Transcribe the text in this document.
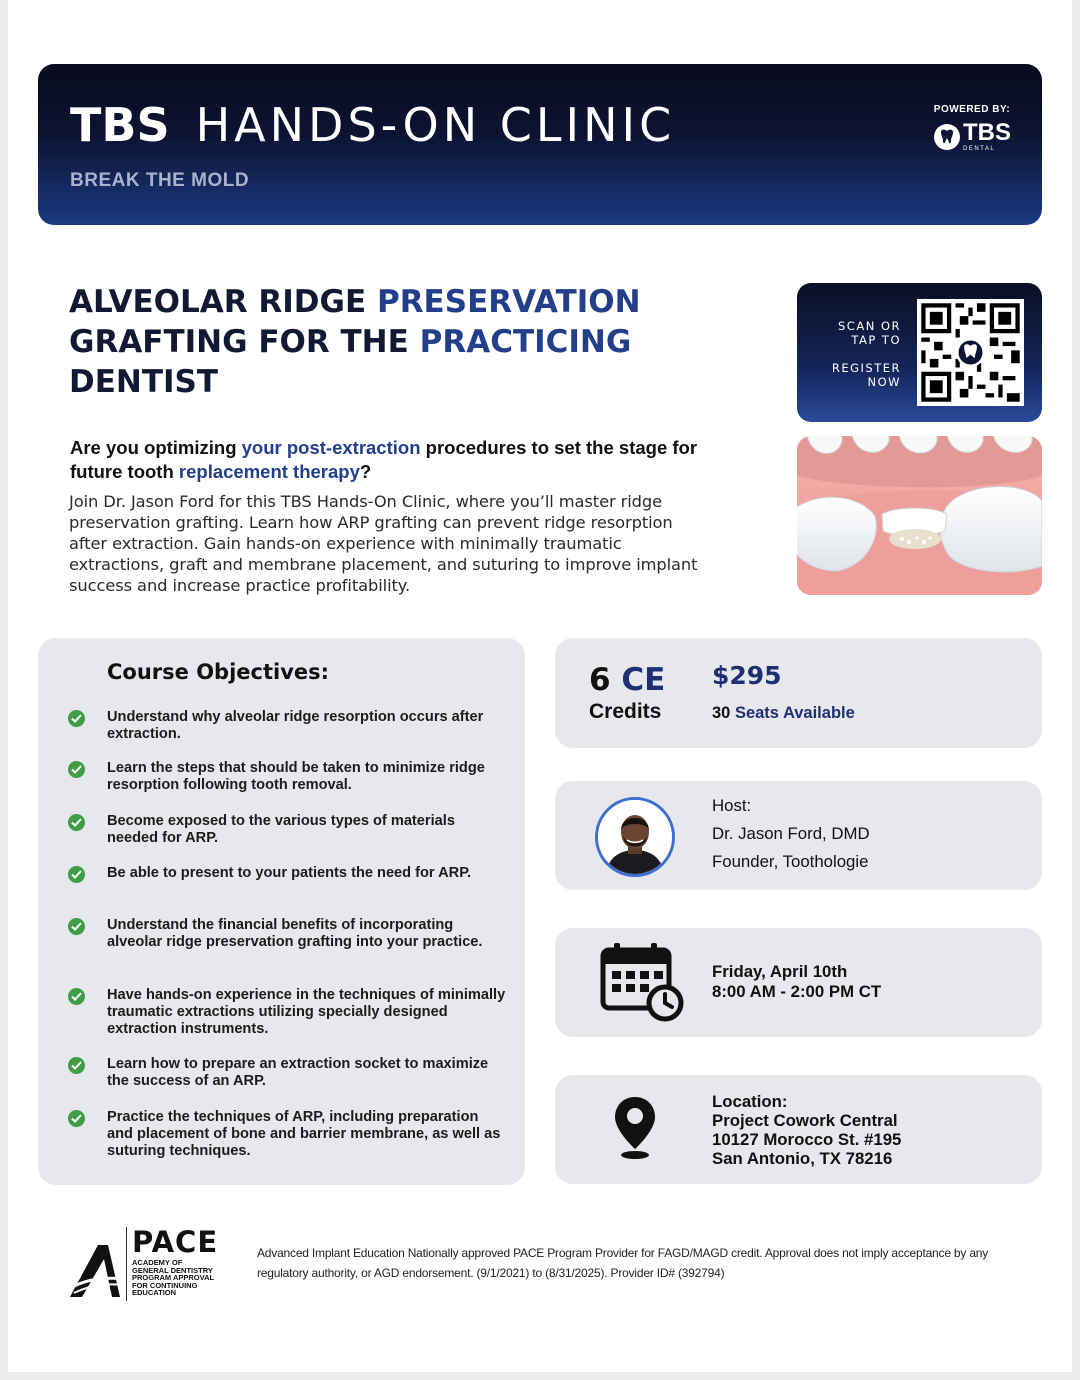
TBS HANDS-ON CLINIC
BREAK THE MOLD
POWERED BY:
TBS
DENTAL
ALVEOLAR RIDGE PRESERVATION GRAFTING FOR THE PRACTICING DENTIST
SCAN OR
TAP TO
REGISTER
NOW
Are you optimizing your post-extraction procedures to set the stage for future tooth replacement therapy?
Join Dr. Jason Ford for this TBS Hands-On Clinic, where you’ll master ridge preservation grafting. Learn how ARP grafting can prevent ridge resorption after extraction. Gain hands-on experience with minimally traumatic extractions, graft and membrane placement, and suturing to improve implant success and increase practice profitability.
Course Objectives:
Understand why alveolar ridge resorption occurs after extraction.
Learn the steps that should be taken to minimize ridge resorption following tooth removal.
Become exposed to the various types of materials needed for ARP.
Be able to present to your patients the need for ARP.
Understand the financial benefits of incorporating alveolar ridge preservation grafting into your practice.
Have hands-on experience in the techniques of minimally traumatic extractions utilizing specially designed extraction instruments.
Learn how to prepare an extraction socket to maximize the success of an ARP.
Practice the techniques of ARP, including preparation and placement of bone and barrier membrane, as well as suturing techniques.
6 CE
Credits
$295
30 Seats Available
Host:
Dr. Jason Ford, DMD
Founder, Toothologie
Friday, April 10th
8:00 AM - 2:00 PM CT
Location:
Project Cowork Central
10127 Morocco St. #195
San Antonio, TX 78216
PACE
ACADEMY OF
GENERAL DENTISTRY
PROGRAM APPROVAL
FOR CONTINUING
EDUCATION
Advanced Implant Education Nationally approved PACE Program Provider for FAGD/MAGD credit. Approval does not imply acceptance by any regulatory authority, or AGD endorsement. (9/1/2021) to (8/31/2025). Provider ID# (392794)
